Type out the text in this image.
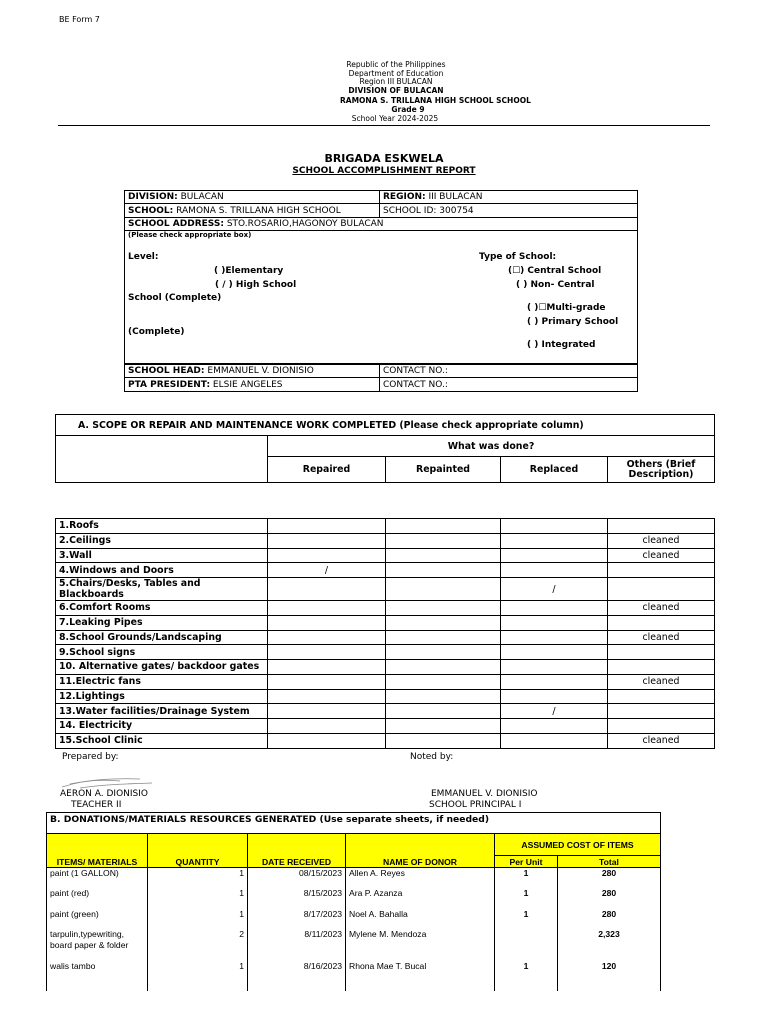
BE Form 7
Republic of the Philippines
Department of Education
Region III BULACAN
DIVISION OF BULACAN
RAMONA S. TRILLANA HIGH SCHOOL SCHOOL
Grade 9
School Year 2024-2025
BRIGADA ESKWELA
SCHOOL ACCOMPLISHMENT REPORT
DIVISION: BULACAN	REGION: III BULACAN
SCHOOL: RAMONA S. TRILLANA HIGH SCHOOL	SCHOOL ID: 300754
SCHOOL ADDRESS: STO.ROSARIO,HAGONOY BULACAN	
(Please check appropriate box)
Level:
( )Elementary
( / ) High School
School (Complete)
(Complete)
Type of School:
(☐) Central School
( ) Non- Central
( )☐Multi-grade
( ) Primary School
( ) Integrated
SCHOOL HEAD: EMMANUEL V. DIONISIO	CONTACT NO.:
PTA PRESIDENT: ELSIE ANGELES	CONTACT NO.:
A. SCOPE OR REPAIR AND MAINTENANCE WORK COMPLETED (Please check appropriate column)				
	What was done?			
	Repaired	Repainted	Replaced	Others (Brief Description)
1.Roofs				
2.Ceilings				cleaned
3.Wall				cleaned
4.Windows and Doors	/			
5.Chairs/Desks, Tables and Blackboards			/	
6.Comfort Rooms				cleaned
7.Leaking Pipes				
8.School Grounds/Landscaping				cleaned
9.School signs				
10. Alternative gates/ backdoor gates				
11.Electric fans				cleaned
12.Lightings				
13.Water facilities/Drainage System			/	
14. Electricity				
15.School Clinic				cleaned
Prepared by:	Noted by:
AERON A. DIONISIO
TEACHER II
EMMANUEL V. DIONISIO
SCHOOL PRINCIPAL I
B. DONATIONS/MATERIALS RESOURCES GENERATED (Use separate sheets, if needed)
ITEMS/ MATERIALS	QUANTITY	DATE RECEIVED	NAME OF DONOR	ASSUMED COST OF ITEMS	
				Per Unit	Total
paint (1 GALLON)	1	08/15/2023	Allen A. Reyes	1	280
paint (red)	1	8/15/2023	Ara P. Azanza	1	280
paint (green)	1	8/17/2023	Noel A. Bahalla	1	280
tarpulin,typewriting, board paper & folder	2	8/11/2023	Mylene M. Mendoza		2,323
walis tambo	1	8/16/2023	Rhona Mae T. Bucal	1	120
